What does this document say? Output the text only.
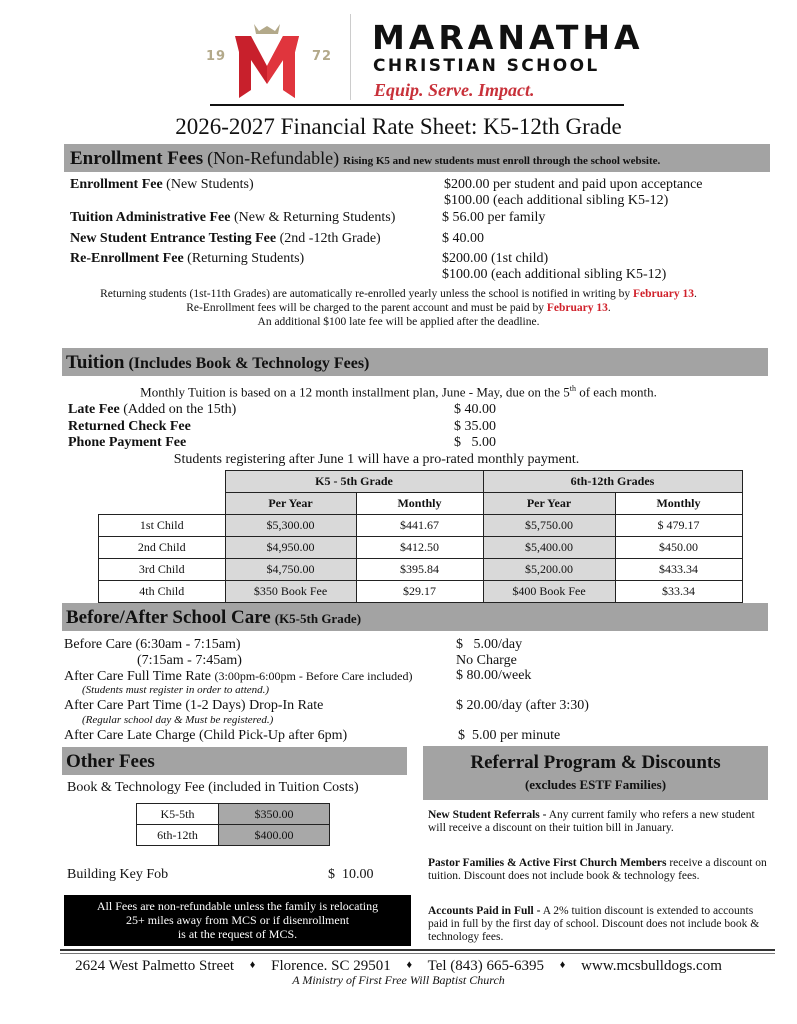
19	72 MARANATHA
CHRISTIAN SCHOOL
Equip. Serve. Impact.
2026-2027 Financial Rate Sheet: K5-12th Grade
Enrollment Fees (Non-Refundable) Rising K5 and new students must enroll through the school website.
Enrollment Fee (New Students)	$200.00 per student and paid upon acceptance
$100.00 (each additional sibling K5-12)
Tuition Administrative Fee (New & Returning Students)	$ 56.00 per family
New Student Entrance Testing Fee (2nd -12th Grade)	$ 40.00
Re-Enrollment Fee (Returning Students)	$200.00 (1st child)
$100.00 (each additional sibling K5-12)
Returning students (1st-11th Grades) are automatically re-enrolled yearly unless the school is notified in writing by February 13.
Re-Enrollment fees will be charged to the parent account and must be paid by February 13.
An additional $100 late fee will be applied after the deadline.
Tuition (Includes Book & Technology Fees)
Monthly Tuition is based on a 12 month installment plan, June - May, due on the 5th of each month.
Late Fee (Added on the 15th)	$ 40.00
Returned Check Fee	$ 35.00
Phone Payment Fee	$   5.00
Students registering after June 1 will have a pro-rated monthly payment.
	K5 - 5th Grade		6th-12th Grades	
	Per Year	Monthly	Per Year	Monthly
1st Child	$5,300.00	$441.67	$5,750.00	$ 479.17
2nd Child	$4,950.00	$412.50	$5,400.00	$450.00
3rd Child	$4,750.00	$395.84	$5,200.00	$433.34
4th Child	$350 Book Fee	$29.17	$400 Book Fee	$33.34
Before/After School Care (K5-5th Grade)
Before Care (6:30am - 7:15am)	$   5.00/day
(7:15am - 7:45am)	No Charge
After Care Full Time Rate (3:00pm-6:00pm - Before Care included)	$ 80.00/week
(Students must register in order to attend.)
After Care Part Time (1-2 Days) Drop-In Rate	$ 20.00/day (after 3:30)
(Regular school day & Must be registered.)
After Care Late Charge (Child Pick-Up after 6pm)	$  5.00 per minute
Other Fees
Book & Technology Fee (included in Tuition Costs)
K5-5th	$350.00
6th-12th	$400.00
Building Key Fob	$  10.00
All Fees are non-refundable unless the family is relocating
25+ miles away from MCS or if disenrollment
is at the request of MCS.
Referral Program & Discounts
(excludes ESTF Families)
New Student Referrals - Any current family who refers a new student will receive a discount on their tuition bill in January.
Pastor Families & Active First Church Members receive a discount on tuition. Discount does not include book & technology fees.
Accounts Paid in Full - A 2% tuition discount is extended to accounts paid in full by the first day of school. Discount does not include book & technology fees.
2624 West Palmetto Street ♦ Florence. SC 29501 ♦ Tel (843) 665-6395 ♦ www.mcsbulldogs.com
A Ministry of First Free Will Baptist Church
